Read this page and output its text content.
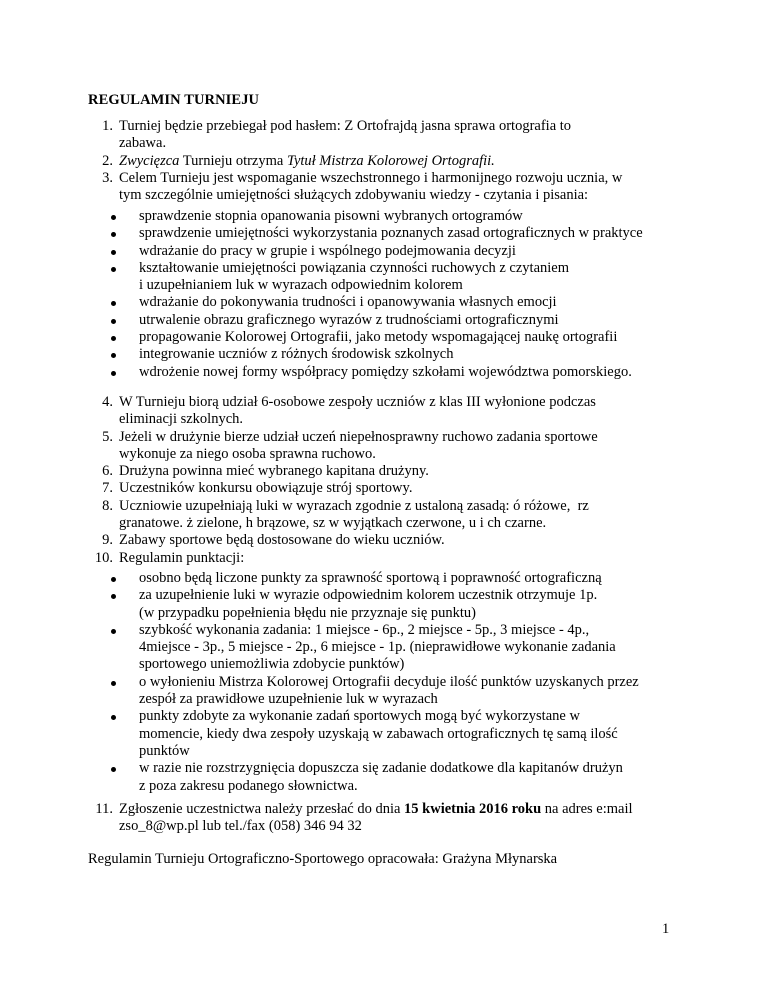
REGULAMIN TURNIEJU
1. Turniej będzie przebiegał pod hasłem: Z Ortofrajdą jasna sprawa ortografia to
zabawa.
2. Zwycięzca Turnieju otrzyma Tytuł Mistrza Kolorowej Ortografii.
3. Celem Turnieju jest wspomaganie wszechstronnego i harmonijnego rozwoju ucznia, w
tym szczególnie umiejętności służących zdobywaniu wiedzy - czytania i pisania:
sprawdzenie stopnia opanowania pisowni wybranych ortogramów
sprawdzenie umiejętności wykorzystania poznanych zasad ortograficznych w praktyce
wdrażanie do pracy w grupie i wspólnego podejmowania decyzji
kształtowanie umiejętności powiązania czynności ruchowych z czytaniem
i uzupełnianiem luk w wyrazach odpowiednim kolorem
wdrażanie do pokonywania trudności i opanowywania własnych emocji
utrwalenie obrazu graficznego wyrazów z trudnościami ortograficznymi
propagowanie Kolorowej Ortografii, jako metody wspomagającej naukę ortografii
integrowanie uczniów z różnych środowisk szkolnych
wdrożenie nowej formy współpracy pomiędzy szkołami województwa pomorskiego.
4. W Turnieju biorą udział 6-osobowe zespoły uczniów z klas III wyłonione podczas
eliminacji szkolnych.
5. Jeżeli w drużynie bierze udział uczeń niepełnosprawny ruchowo zadania sportowe
wykonuje za niego osoba sprawna ruchowo.
6. Drużyna powinna mieć wybranego kapitana drużyny.
7. Uczestników konkursu obowiązuje strój sportowy.
8. Uczniowie uzupełniają luki w wyrazach zgodnie z ustaloną zasadą: ó różowe,  rz
granatowe. ż zielone, h brązowe, sz w wyjątkach czerwone, u i ch czarne.
9. Zabawy sportowe będą dostosowane do wieku uczniów.
10. Regulamin punktacji:
osobno będą liczone punkty za sprawność sportową i poprawność ortograficzną
za uzupełnienie luki w wyrazie odpowiednim kolorem uczestnik otrzymuje 1p.
(w przypadku popełnienia błędu nie przyznaje się punktu)
szybkość wykonania zadania: 1 miejsce - 6p., 2 miejsce - 5p., 3 miejsce - 4p.,
4miejsce - 3p., 5 miejsce - 2p., 6 miejsce - 1p. (nieprawidłowe wykonanie zadania
sportowego uniemożliwia zdobycie punktów)
o wyłonieniu Mistrza Kolorowej Ortografii decyduje ilość punktów uzyskanych przez
zespół za prawidłowe uzupełnienie luk w wyrazach
punkty zdobyte za wykonanie zadań sportowych mogą być wykorzystane w
momencie, kiedy dwa zespoły uzyskają w zabawach ortograficznych tę samą ilość
punktów
w razie nie rozstrzygnięcia dopuszcza się zadanie dodatkowe dla kapitanów drużyn
z poza zakresu podanego słownictwa.
11. Zgłoszenie uczestnictwa należy przesłać do dnia 15 kwietnia 2016 roku na adres e:mail
zso_8@wp.pl lub tel./fax (058) 346 94 32
Regulamin Turnieju Ortograficzno-Sportowego opracowała: Grażyna Młynarska
1
